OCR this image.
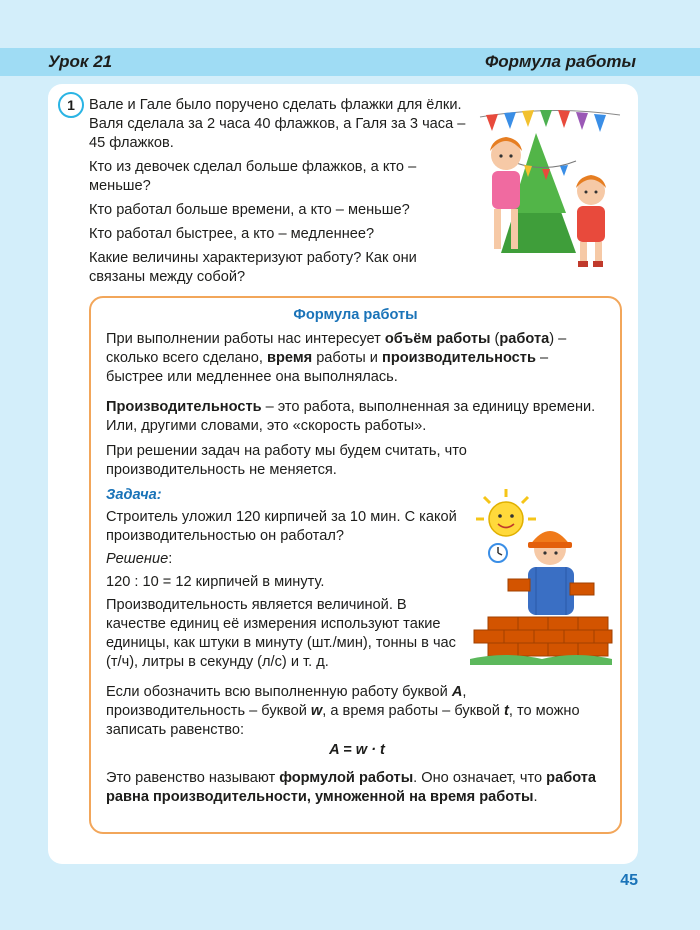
Урок 21	Формула работы
1 Вале и Гале было поручено сделать флажки для ёлки. Валя сделала за 2 часа 40 флажков, а Галя за 3 часа – 45 флажков.

Кто из девочек сделал больше флажков, а кто – меньше?

Кто работал больше времени, а кто – меньше?

Кто работал быстрее, а кто – медленнее?

Какие величины характеризуют работу? Как они связаны между собой?

Формула работы

При выполнении работы нас интересует объём работы (работа) – сколько всего сделано, время работы и производительность – быстрее или медленнее она выполнялась.

Производительность – это работа, выполненная за единицу времени. Или, другими словами, это «скорость работы».

При решении задач на работу мы будем считать, что производительность не меняется.

Задача:

Строитель уложил 120 кирпичей за 10 мин. С какой производительностью он работал?

Решение:

120 : 10 = 12 кирпичей в минуту.

Производительность является величиной. В качестве единиц её измерения используют такие единицы, как штуки в минуту (шт./мин), тонны в час (т/ч), литры в секунду (л/с) и т. д.

Если обозначить всю выполненную работу буквой A, производительность – буквой w, а время работы – буквой t, то можно записать равенство:

A = w · t

Это равенство называют формулой работы. Оно означает, что работа равна производительности, умноженной на время работы.

45
